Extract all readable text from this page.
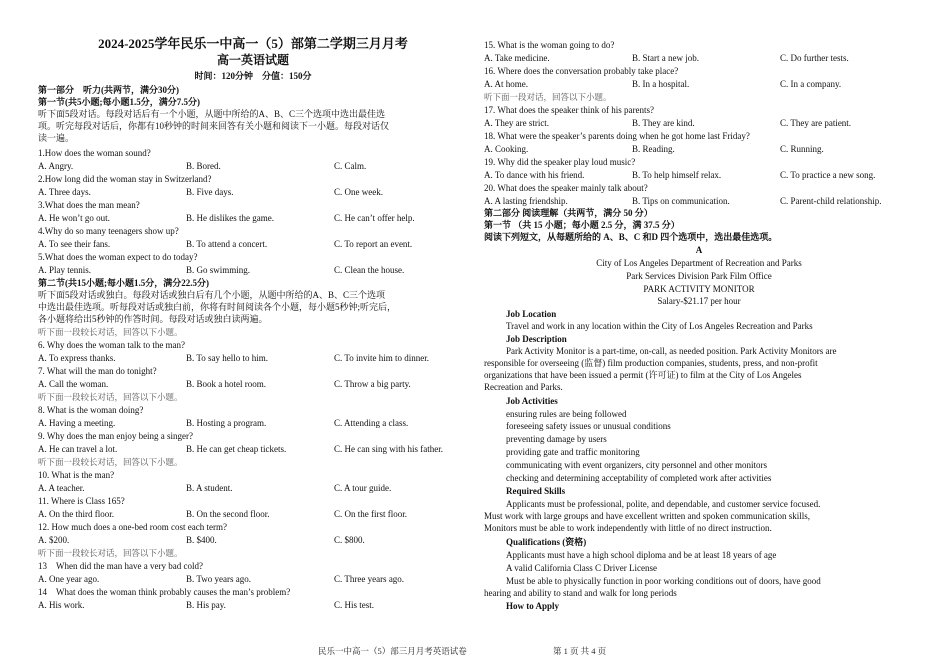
2024-2025学年民乐一中高一（5）部第二学期三月月考
高一英语试题
时间：120分钟　分值：150分
第一部分　听力(共两节，满分30分)
第一节(共5小题;每小题1.5分，满分7.5分)
听下面5段对话。每段对话后有一个小题，从题中所给的A、B、C三个选项中选出最佳选
项。听完每段对话后，你都有10秒钟的时间来回答有关小题和阅读下一小题。每段对话仅
读一遍。
1.How does the woman sound?
A. Angry.	B. Bored.	C. Calm.
2.How long did the woman stay in Switzerland?
A. Three days.	B. Five days.	C. One week.
3.What does the man mean?
A. He won’t go out.	B. He dislikes the game.	C. He can’t offer help.
4.Why do so many teenagers show up?
A. To see their fans.	B. To attend a concert.	C. To report an event.
5.What does the woman expect to do today?
A. Play tennis.	B. Go swimming.	C. Clean the house.
第二节(共15小题;每小题1.5分，满分22.5分)
听下面5段对话或独白。每段对话或独白后有几个小题，从题中所给的A、B、C三个选项
中选出最佳选项。听每段对话或独白前，你将有时间阅读各个小题，每小题5秒钟;听完后，
各小题将给出5秒钟的作答时间。每段对话或独白读两遍。
听下面一段较长对话，回答以下小题。
6. Why does the woman talk to the man?
A. To express thanks.	B. To say hello to him.	C. To invite him to dinner.
7. What will the man do tonight?
A. Call the woman.	B. Book a hotel room.	C. Throw a big party.
听下面一段较长对话，回答以下小题。
8. What is the woman doing?
A. Having a meeting.	B. Hosting a program.	C. Attending a class.
9. Why does the man enjoy being a singer?
A. He can travel a lot.	B. He can get cheap tickets.	C. He can sing with his father.
听下面一段较长对话，回答以下小题。
10. What is the man?
A. A teacher.	B. A student.	C. A tour guide.
11. Where is Class 165?
A. On the third floor.	B. On the second floor.	C. On the first floor.
12. How much does a one-bed room cost each term?
A. $200.	B. $400.	C. $800.
听下面一段较长对话，回答以下小题。
13　When did the man have a very bad cold?
A. One year ago.	B. Two years ago.	C. Three years ago.
14　What does the woman think probably causes the man’s problem?
A. His work.	B. His pay.	C. His test.
15. What is the woman going to do?
A. Take medicine.	B. Start a new job.	C. Do further tests.
16. Where does the conversation probably take place?
A. At home.	B. In a hospital.	C. In a company.
听下面一段对话，回答以下小题。
17. What does the speaker think of his parents?
A. They are strict.	B. They are kind.	C. They are patient.
18. What were the speaker’s parents doing when he got home last Friday?
A. Cooking.	B. Reading.	C. Running.
19. Why did the speaker play loud music?
A. To dance with his friend.	B. To help himself relax.	C. To practice a new song.
20. What does the speaker mainly talk about?
A. A lasting friendship.	B. Tips on communication.	C. Parent-child relationship.
第二部分 阅读理解（共两节，满分 50 分）
第一节 （共 15 小题；每小题 2.5 分，满 37.5 分）
阅读下列短文，从每题所给的 A、B、C 和D 四个选项中，选出最佳选项。
A
City of Los Angeles Department of Recreation and Parks
Park Services Division Park Film Office
PARK ACTIVITY MONITOR
Salary-$21.17 per hour
Job Location
Travel and work in any location within the City of Los Angeles Recreation and Parks
Job Description
Park Activity Monitor is a part-time, on-call, as needed position. Park Activity Monitors are
responsible for overseeing (监督) film production companies, students, press, and non-profit
organizations that have been issued a permit (许可证) to film at the City of Los Angeles
Recreation and Parks.
Job Activities
ensuring rules are being followed
foreseeing safety issues or unusual conditions
preventing damage by users
providing gate and traffic monitoring
communicating with event organizers, city personnel and other monitors
checking and determining acceptability of completed work after activities
Required Skills
Applicants must be professional, polite, and dependable, and customer service focused.
Must work with large groups and have excellent written and spoken communication skills,
Monitors must be able to work independently with little of no direct instruction.
Qualifications (资格)
Applicants must have a high school diploma and be at least 18 years of age
A valid California Class C Driver License
Must be able to physically function in poor working conditions out of doors, have good
hearing and ability to stand and walk for long periods
How to Apply
民乐一中高一（5）部三月月考英语试卷	第 1 页 共 4 页
